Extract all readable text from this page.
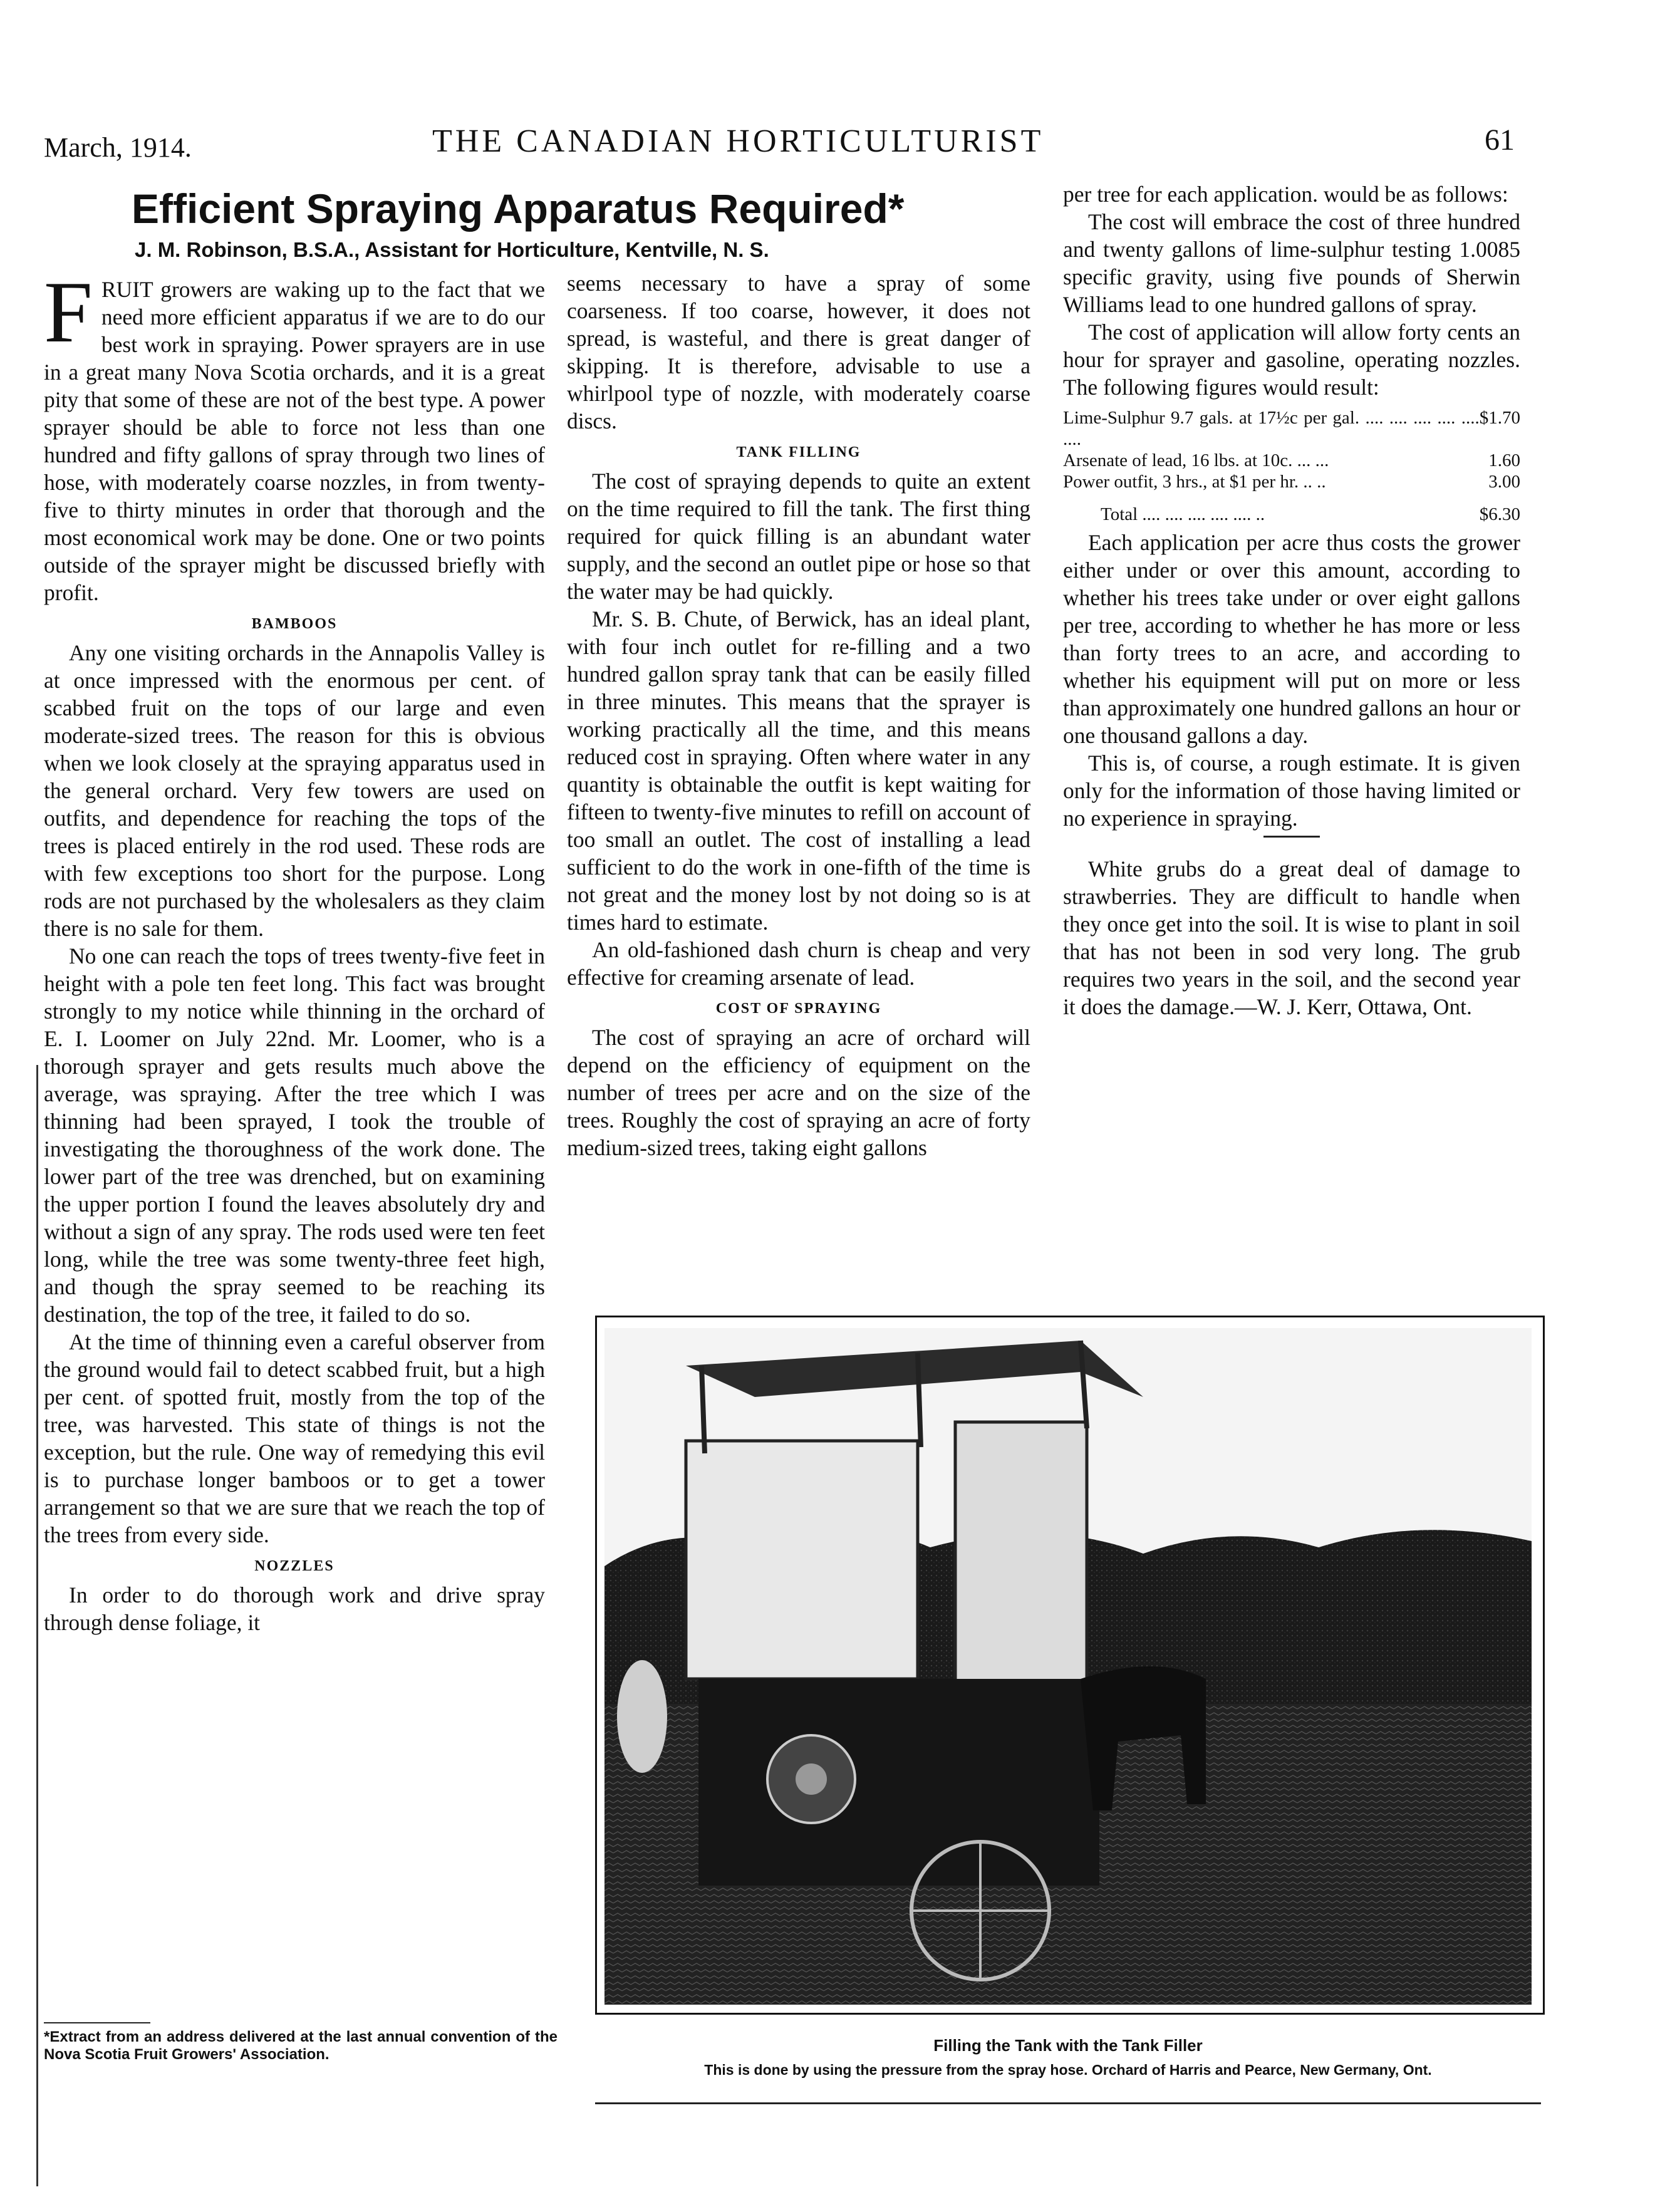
March, 1914.	THE CANADIAN HORTICULTURIST	61
Efficient Spraying Apparatus Required*
J. M. Robinson, B.S.A., Assistant for Horticulture, Kentville, N. S.

FRUIT growers are waking up to the fact that we need more efficient apparatus if we are to do our best work in spraying. Power sprayers are in use in a great many Nova Scotia orchards, and it is a great pity that some of these are not of the best type. A power sprayer should be able to force not less than one hundred and fifty gallons of spray through two lines of hose, with moderately coarse nozzles, in from twenty-five to thirty minutes in order that thorough and the most economical work may be done. One or two points outside of the sprayer might be discussed briefly with profit.

BAMBOOS

Any one visiting orchards in the Annapolis Valley is at once impressed with the enormous per cent. of scabbed fruit on the tops of our large and even moderate-sized trees. The reason for this is obvious when we look closely at the spraying apparatus used in the general orchard. Very few towers are used on outfits, and dependence for reaching the tops of the trees is placed entirely in the rod used. These rods are with few exceptions too short for the purpose. Long rods are not purchased by the wholesalers as they claim there is no sale for them.

No one can reach the tops of trees twenty-five feet in height with a pole ten feet long. This fact was brought strongly to my notice while thinning in the orchard of E. I. Loomer on July 22nd. Mr. Loomer, who is a thorough sprayer and gets results much above the average, was spraying. After the tree which I was thinning had been sprayed, I took the trouble of investigating the thoroughness of the work done. The lower part of the tree was drenched, but on examining the upper portion I found the leaves absolutely dry and without a sign of any spray. The rods used were ten feet long, while the tree was some twenty-three feet high, and though the spray seemed to be reaching its destination, the top of the tree, it failed to do so.

At the time of thinning even a careful observer from the ground would fail to detect scabbed fruit, but a high per cent. of spotted fruit, mostly from the top of the tree, was harvested. This state of things is not the exception, but the rule. One way of remedying this evil is to purchase longer bamboos or to get a tower arrangement so that we are sure that we reach the top of the trees from every side.

NOZZLES

In order to do thorough work and drive spray through dense foliage, it

seems necessary to have a spray of some coarseness. If too coarse, however, it does not spread, is wasteful, and there is great danger of skipping. It is therefore, advisable to use a whirlpool type of nozzle, with moderately coarse discs.

TANK FILLING

The cost of spraying depends to quite an extent on the time required to fill the tank. The first thing required for quick filling is an abundant water supply, and the second an outlet pipe or hose so that the water may be had quickly.

Mr. S. B. Chute, of Berwick, has an ideal plant, with four inch outlet for re-filling and a two hundred gallon spray tank that can be easily filled in three minutes. This means that the sprayer is working practically all the time, and this means reduced cost in spraying. Often where water in any quantity is obtainable the outfit is kept waiting for fifteen to twenty-five minutes to refill on account of too small an outlet. The cost of installing a lead sufficient to do the work in one-fifth of the time is not great and the money lost by not doing so is at times hard to estimate.

An old-fashioned dash churn is cheap and very effective for creaming arsenate of lead.

COST OF SPRAYING

The cost of spraying an acre of orchard will depend on the efficiency of equipment on the number of trees per acre and on the size of the trees. Roughly the cost of spraying an acre of forty medium-sized trees, taking eight gallons

per tree for each application. would be as follows:

The cost will embrace the cost of three hundred and twenty gallons of lime-sulphur testing 1.0085 specific gravity, using five pounds of Sherwin Williams lead to one hundred gallons of spray.

The cost of application will allow forty cents an hour for sprayer and gasoline, operating nozzles. The following figures would result:

Lime-Sulphur 9.7 gals. at 17½c per gal. .... .... .... .... .... ....	$1.70
Arsenate of lead, 16 lbs. at 10c. ... ...	1.60
Power outfit, 3 hrs., at $1 per hr. .. ..	3.00
Total .... .... .... .... .... ..	$6.30

Each application per acre thus costs the grower either under or over this amount, according to whether his trees take under or over eight gallons per tree, according to whether he has more or less than forty trees to an acre, and according to whether his equipment will put on more or less than approximately one hundred gallons an hour or one thousand gallons a day.

This is, of course, a rough estimate. It is given only for the information of those having limited or no experience in spraying.

White grubs do a great deal of damage to strawberries. They are difficult to handle when they once get into the soil. It is wise to plant in soil that has not been in sod very long. The grub requires two years in the soil, and the second year it does the damage.—W. J. Kerr, Ottawa, Ont.

*Extract from an address delivered at the last annual convention of the Nova Scotia Fruit Growers' Association.	Filling the Tank with the Tank Filler
This is done by using the pressure from the spray hose. Orchard of Harris and Pearce, New Germany, Ont.
